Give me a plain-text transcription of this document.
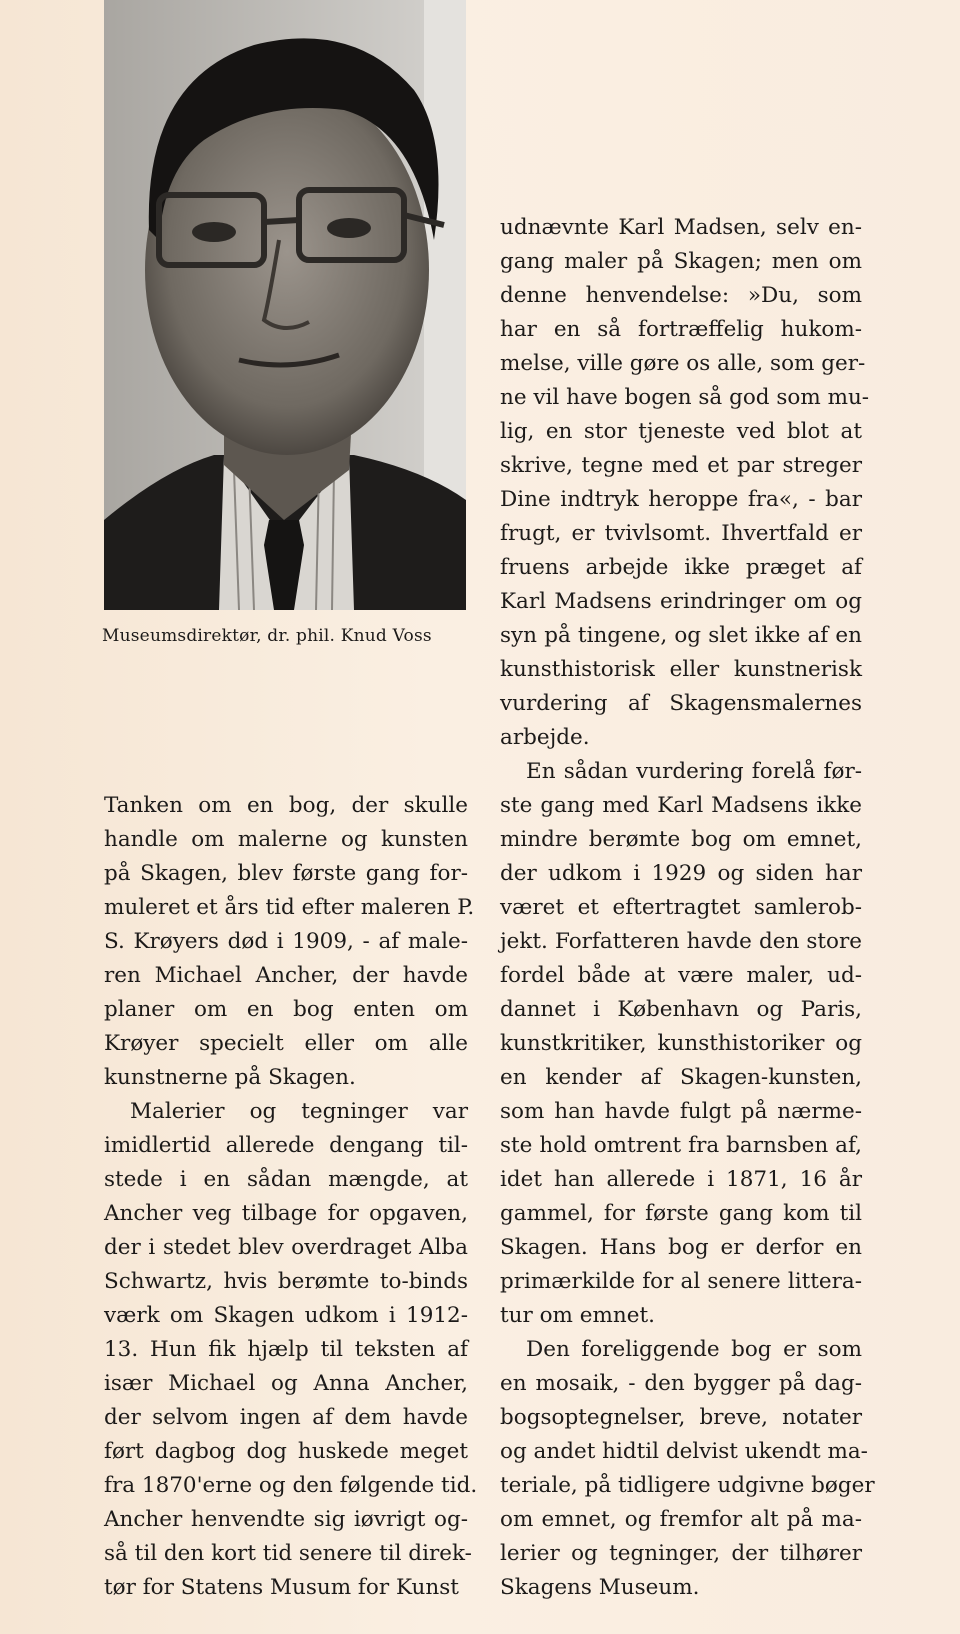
Museumsdirektør, dr. phil. Knud Voss

Tanken om en bog, der skulle
handle om malerne og kunsten
på Skagen, blev første gang for-
muleret et års tid efter maleren P.
S. Krøyers død i 1909, - af male-
ren Michael Ancher, der havde
planer om en bog enten om
Krøyer specielt eller om alle
kunstnerne på Skagen.

Malerier og tegninger var
imidlertid allerede dengang til-
stede i en sådan mængde, at
Ancher veg tilbage for opgaven,
der i stedet blev overdraget Alba
Schwartz, hvis berømte to-binds
værk om Skagen udkom i 1912-
13. Hun fik hjælp til teksten af
især Michael og Anna Ancher,
der selvom ingen af dem havde
ført dagbog dog huskede meget
fra 1870'erne og den følgende tid.
Ancher henvendte sig iøvrigt og-
så til den kort tid senere til direk-
tør for Statens Musum for Kunst

udnævnte Karl Madsen, selv en-
gang maler på Skagen; men om
denne henvendelse: »Du, som
har en så fortræffelig hukom-
melse, ville gøre os alle, som ger-
ne vil have bogen så god som mu-
lig, en stor tjeneste ved blot at
skrive, tegne med et par streger
Dine indtryk heroppe fra«, - bar
frugt, er tvivlsomt. Ihvertfald er
fruens arbejde ikke præget af
Karl Madsens erindringer om og
syn på tingene, og slet ikke af en
kunsthistorisk eller kunstnerisk
vurdering af Skagensmalernes
arbejde.

En sådan vurdering forelå før-
ste gang med Karl Madsens ikke
mindre berømte bog om emnet,
der udkom i 1929 og siden har
været et eftertragtet samlerob-
jekt. Forfatteren havde den store
fordel både at være maler, ud-
dannet i København og Paris,
kunstkritiker, kunsthistoriker og
en kender af Skagen-kunsten,
som han havde fulgt på nærme-
ste hold omtrent fra barnsben af,
idet han allerede i 1871, 16 år
gammel, for første gang kom til
Skagen. Hans bog er derfor en
primærkilde for al senere littera-
tur om emnet.

Den foreliggende bog er som
en mosaik, - den bygger på dag-
bogsoptegnelser, breve, notater
og andet hidtil delvist ukendt ma-
teriale, på tidligere udgivne bøger
om emnet, og fremfor alt på ma-
lerier og tegninger, der tilhører
Skagens Museum.
